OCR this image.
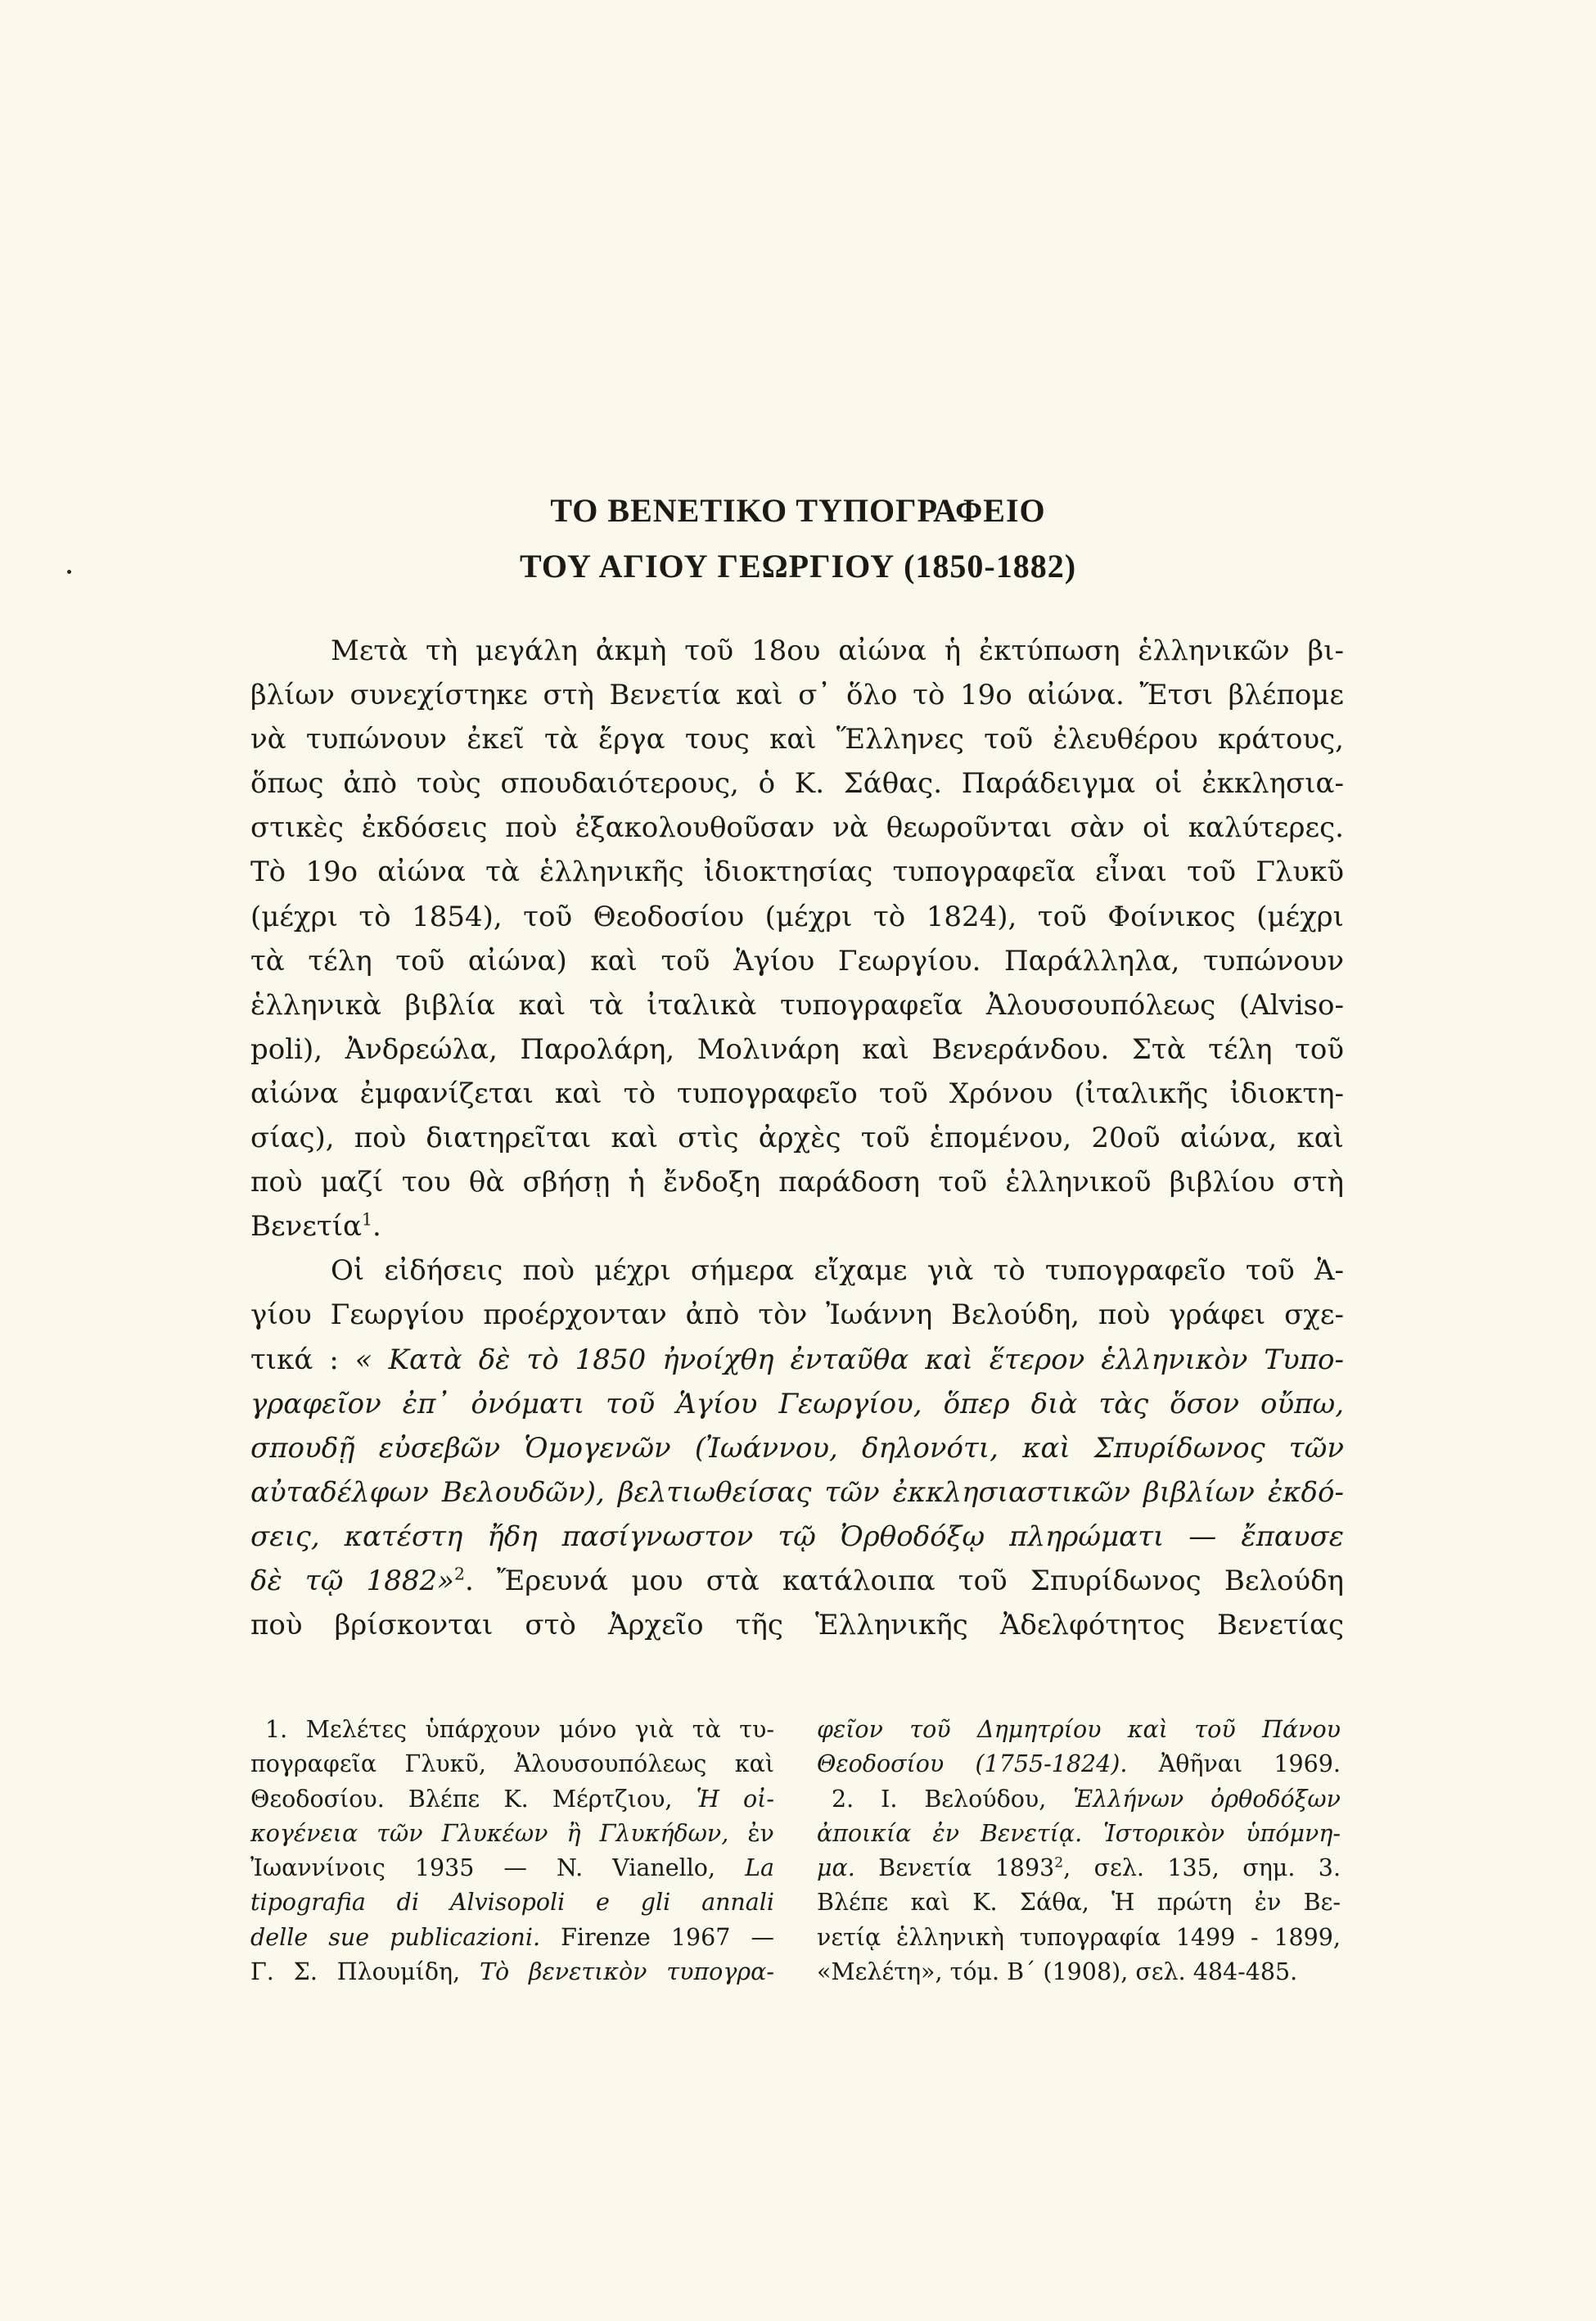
ΤΟ ΒΕΝΕΤΙΚΟ ΤΥΠΟΓΡΑΦΕΙΟ
ΤΟΥ ΑΓΙΟΥ ΓΕΩΡΓΙΟΥ (1850-1882)
Μετὰ τὴ μεγάλη ἀκμὴ τοῦ 18ου αἰώνα ἡ ἐκτύπωση ἑλληνικῶν βι-
βλίων συνεχίστηκε στὴ Βενετία καὶ σ᾽ ὅλο τὸ 19ο αἰώνα. Ἔτσι βλέπομε
νὰ τυπώνουν ἐκεῖ τὰ ἔργα τους καὶ Ἕλληνες τοῦ ἐλευθέρου κράτους,
ὅπως ἀπὸ τοὺς σπουδαιότερους, ὁ Κ. Σάθας. Παράδειγμα οἱ ἐκκλησια-
στικὲς ἐκδόσεις ποὺ ἐξακολουθοῦσαν νὰ θεωροῦνται σὰν οἱ καλύτερες.
Τὸ 19ο αἰώνα τὰ ἑλληνικῆς ἰδιοκτησίας τυπογραφεῖα εἶναι τοῦ Γλυκῦ
(μέχρι τὸ 1854), τοῦ Θεοδοσίου (μέχρι τὸ 1824), τοῦ Φοίνικος (μέχρι
τὰ τέλη τοῦ αἰώνα) καὶ τοῦ Ἁγίου Γεωργίου. Παράλληλα, τυπώνουν
ἑλληνικὰ βιβλία καὶ τὰ ἰταλικὰ τυπογραφεῖα Ἀλουσουπόλεως (Alviso-
poli), Ἀνδρεώλα, Παρολάρη, Μολινάρη καὶ Βενεράνδου. Στὰ τέλη τοῦ
αἰώνα ἐμφανίζεται καὶ τὸ τυπογραφεῖο τοῦ Χρόνου (ἰταλικῆς ἰδιοκτη-
σίας), ποὺ διατηρεῖται καὶ στὶς ἀρχὲς τοῦ ἑπομένου, 20οῦ αἰώνα, καὶ
ποὺ μαζί του θὰ σβήσῃ ἡ ἔνδοξη παράδοση τοῦ ἑλληνικοῦ βιβλίου στὴ
Βενετία$^1$.
Οἱ εἰδήσεις ποὺ μέχρι σήμερα εἴχαμε γιὰ τὸ τυπογραφεῖο τοῦ Ἁ-
γίου Γεωργίου προέρχονταν ἀπὸ τὸν Ἰωάννη Βελούδη, ποὺ γράφει σχε-
τικά : « Κατὰ δὲ τὸ 1850 ἠνοίχθη ἐνταῦθα καὶ ἕτερον ἑλληνικὸν Τυπο-
γραφεῖον ἐπ᾽ ὀνόματι τοῦ Ἁγίου Γεωργίου, ὅπερ διὰ τὰς ὅσον οὔπω,
σπουδῇ εὐσεβῶν Ὁμογενῶν (Ἰωάννου, δηλονότι, καὶ Σπυρίδωνος τῶν
αὐταδέλφων Βελουδῶν), βελτιωθείσας τῶν ἐκκλησιαστικῶν βιβλίων ἐκδό-
σεις, κατέστη ἤδη πασίγνωστον τῷ Ὀρθοδόξῳ πληρώματι — ἔπαυσε
δὲ τῷ 1882»$^2$. Ἔρευνά μου στὰ κατάλοιπα τοῦ Σπυρίδωνος Βελούδη
ποὺ βρίσκονται στὸ Ἀρχεῖο τῆς Ἑλληνικῆς Ἀδελφότητος Βενετίας
1. Μελέτες ὑπάρχουν μόνο γιὰ τὰ τυ-
πογραφεῖα Γλυκῦ, Ἀλουσουπόλεως καὶ
Θεοδοσίου. Βλέπε Κ. Μέρτζιου, Ἡ οἰ-
κογένεια τῶν Γλυκέων ἢ Γλυκήδων, ἐν
Ἰωαννίνοις 1935 — N. Vianello, La
tipografia di Alvisopoli e gli annali
delle sue publicazioni. Firenze 1967 —
Γ. Σ. Πλουμίδη, Τὸ βενετικὸν τυπογρα-
φεῖον τοῦ Δημητρίου καὶ τοῦ Πάνου
Θεοδοσίου (1755-1824). Ἀθῆναι 1969.
2. Ι. Βελούδου, Ἑλλήνων ὀρθοδόξων
ἀποικία ἐν Βενετίᾳ. Ἱστορικὸν ὑπόμνη-
μα. Βενετία 1893$^2$, σελ. 135, σημ. 3.
Βλέπε καὶ Κ. Σάθα, Ἡ πρώτη ἐν Βε-
νετίᾳ ἑλληνικὴ τυπογραφία 1499 - 1899,
«Μελέτη», τόμ. Β΄ (1908), σελ. 484-485.
